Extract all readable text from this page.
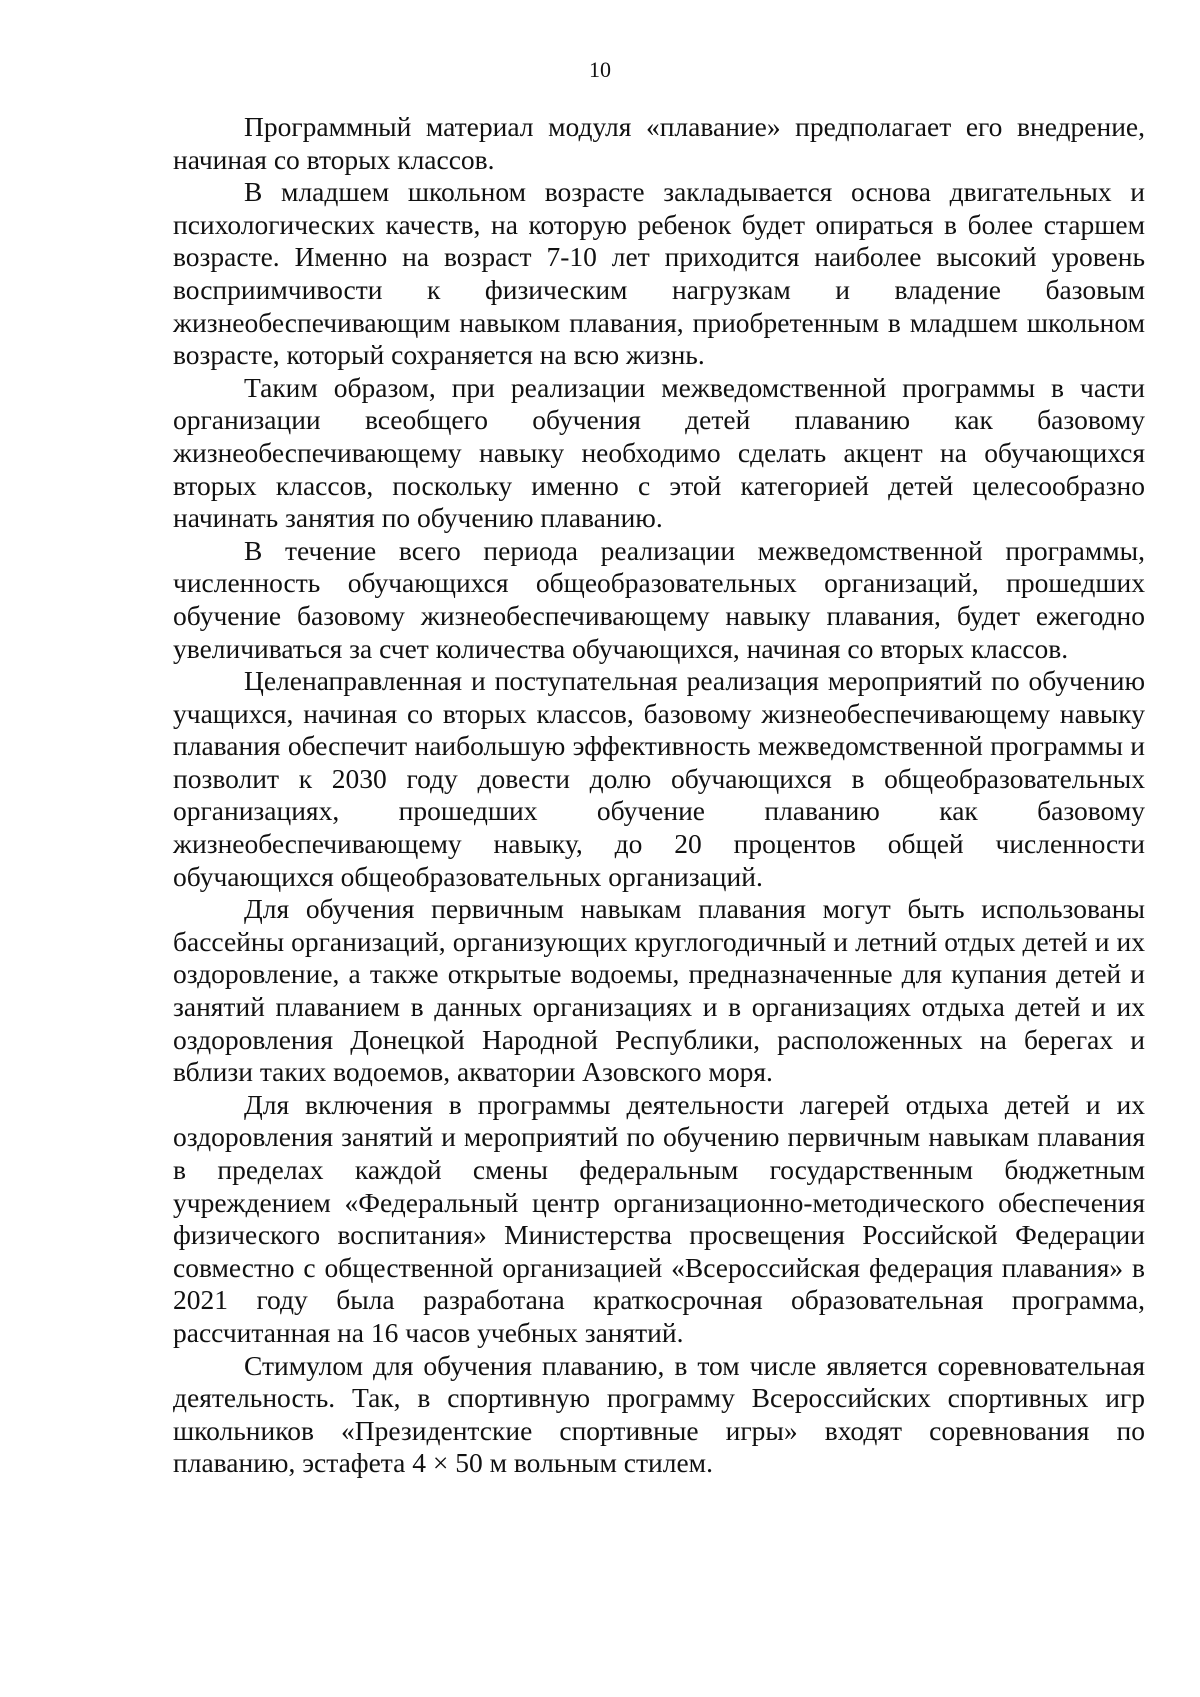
10

Программный материал модуля «плавание» предполагает его внедрение, начиная со вторых классов.

В младшем школьном возрасте закладывается основа двигательных и психологических качеств, на которую ребенок будет опираться в более старшем возрасте. Именно на возраст 7-10 лет приходится наиболее высокий уровень восприимчивости к физическим нагрузкам и владение базовым жизнеобеспечивающим навыком плавания, приобретенным в младшем школьном возрасте, который сохраняется на всю жизнь.

Таким образом, при реализации межведомственной программы в части организации всеобщего обучения детей плаванию как базовому жизнеобеспечивающему навыку необходимо сделать акцент на обучающихся вторых классов, поскольку именно с этой категорией детей целесообразно начинать занятия по обучению плаванию.

В течение всего периода реализации межведомственной программы, численность обучающихся общеобразовательных организаций, прошедших обучение базовому жизнеобеспечивающему навыку плавания, будет ежегодно увеличиваться за счет количества обучающихся, начиная со вторых классов.

Целенаправленная и поступательная реализация мероприятий по обучению учащихся, начиная со вторых классов, базовому жизнеобеспечивающему навыку плавания обеспечит наибольшую эффективность межведомственной программы и позволит к 2030 году довести долю обучающихся в общеобразовательных организациях, прошедших обучение плаванию как базовому жизнеобеспечивающему навыку, до 20 процентов общей численности обучающихся общеобразовательных организаций.

Для обучения первичным навыкам плавания могут быть использованы бассейны организаций, организующих круглогодичный и летний отдых детей и их оздоровление, а также открытые водоемы, предназначенные для купания детей и занятий плаванием в данных организациях и в организациях отдыха детей и их оздоровления Донецкой Народной Республики, расположенных на берегах и вблизи таких водоемов, акватории Азовского моря.

Для включения в программы деятельности лагерей отдыха детей и их оздоровления занятий и мероприятий по обучению первичным навыкам плавания в пределах каждой смены федеральным государственным бюджетным учреждением «Федеральный центр организационно-методического обеспечения физического воспитания» Министерства просвещения Российской Федерации совместно с общественной организацией «Всероссийская федерация плавания» в 2021 году была разработана краткосрочная образовательная программа, рассчитанная на 16 часов учебных занятий.

Стимулом для обучения плаванию, в том числе является соревновательная деятельность. Так, в спортивную программу Всероссийских спортивных игр школьников «Президентские спортивные игры» входят соревнования по плаванию, эстафета 4 × 50 м вольным стилем.
